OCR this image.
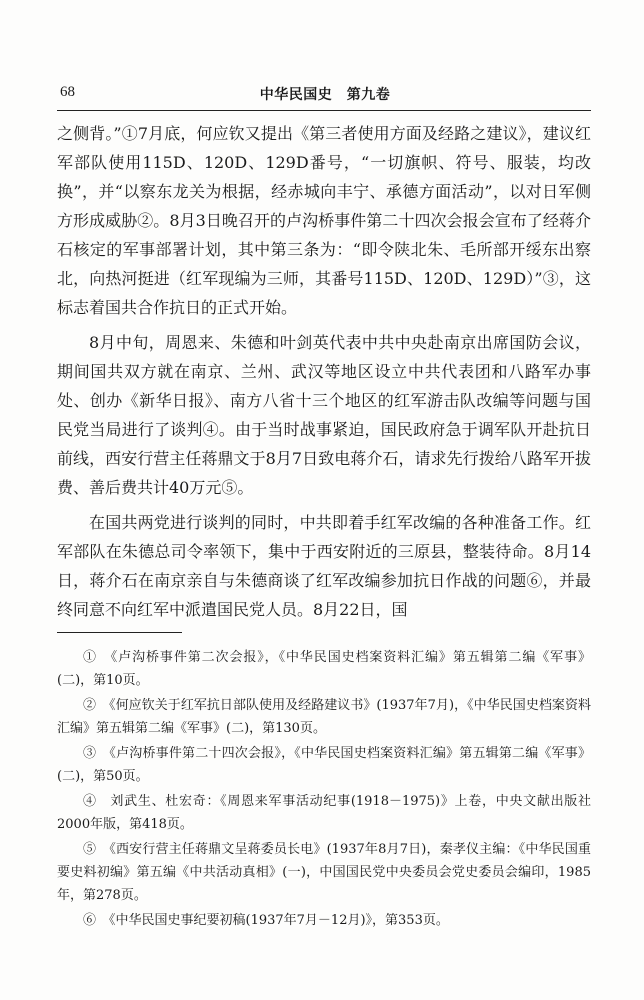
68	中华民国史　第九卷

之侧背。”①7月底，何应钦又提出《第三者使用方面及经路之建议》，建议红军部队使用115D、120D、129D番号，“一切旗帜、符号、服装，均改换”，并“以察东龙关为根据，经赤城向丰宁、承德方面活动”，以对日军侧方形成威胁②。8月3日晚召开的卢沟桥事件第二十四次会报会宣布了经蒋介石核定的军事部署计划，其中第三条为：“即令陕北朱、毛所部开绥东出察北，向热河挺进（红军现编为三师，其番号115D、120D、129D）”③，这标志着国共合作抗日的正式开始。

8月中旬，周恩来、朱德和叶剑英代表中共中央赴南京出席国防会议，期间国共双方就在南京、兰州、武汉等地区设立中共代表团和八路军办事处、创办《新华日报》、南方八省十三个地区的红军游击队改编等问题与国民党当局进行了谈判④。由于当时战事紧迫，国民政府急于调军队开赴抗日前线，西安行营主任蒋鼎文于8月7日致电蒋介石，请求先行拨给八路军开拔费、善后费共计40万元⑤。

在国共两党进行谈判的同时，中共即着手红军改编的各种准备工作。红军部队在朱德总司令率领下，集中于西安附近的三原县，整装待命。8月14日，蒋介石在南京亲自与朱德商谈了红军改编参加抗日作战的问题⑥，并最终同意不向红军中派遣国民党人员。8月22日，国

①　《卢沟桥事件第二次会报》，《中华民国史档案资料汇编》第五辑第二编《军事》(二)，第10页。

②　《何应钦关于红军抗日部队使用及经路建议书》(1937年7月)，《中华民国史档案资料汇编》第五辑第二编《军事》(二)，第130页。

③　《卢沟桥事件第二十四次会报》，《中华民国史档案资料汇编》第五辑第二编《军事》(二)，第50页。

④　刘武生、杜宏奇：《周恩来军事活动纪事(1918－1975)》上卷，中央文献出版社2000年版，第418页。

⑤　《西安行营主任蒋鼎文呈蒋委员长电》(1937年8月7日)，秦孝仪主编：《中华民国重要史料初编》第五编《中共活动真相》(一)，中国国民党中央委员会党史委员会编印，1985年，第278页。

⑥　《中华民国史事纪要初稿(1937年7月－12月)》，第353页。
